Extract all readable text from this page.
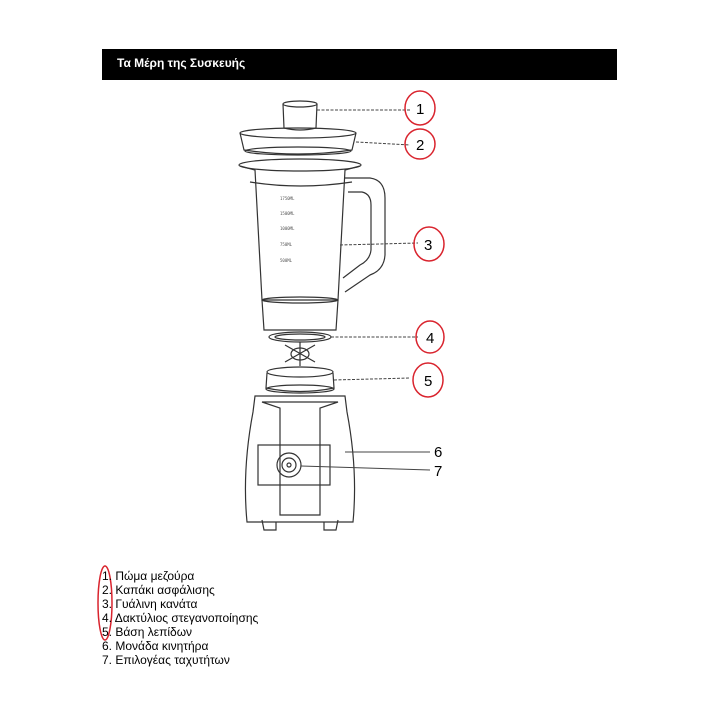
Τα Μέρη της Συσκευής
1750ML
1500ML
1000ML
750ML
500ML
1
2
3
4
5
6
7
1. Πώμα μεζούρα
2. Καπάκι ασφάλισης
3. Γυάλινη κανάτα
4. Δακτύλιος στεγανοποίησης
5. Βάση λεπίδων
6. Μονάδα κινητήρα
7. Επιλογέας ταχυτήτων
